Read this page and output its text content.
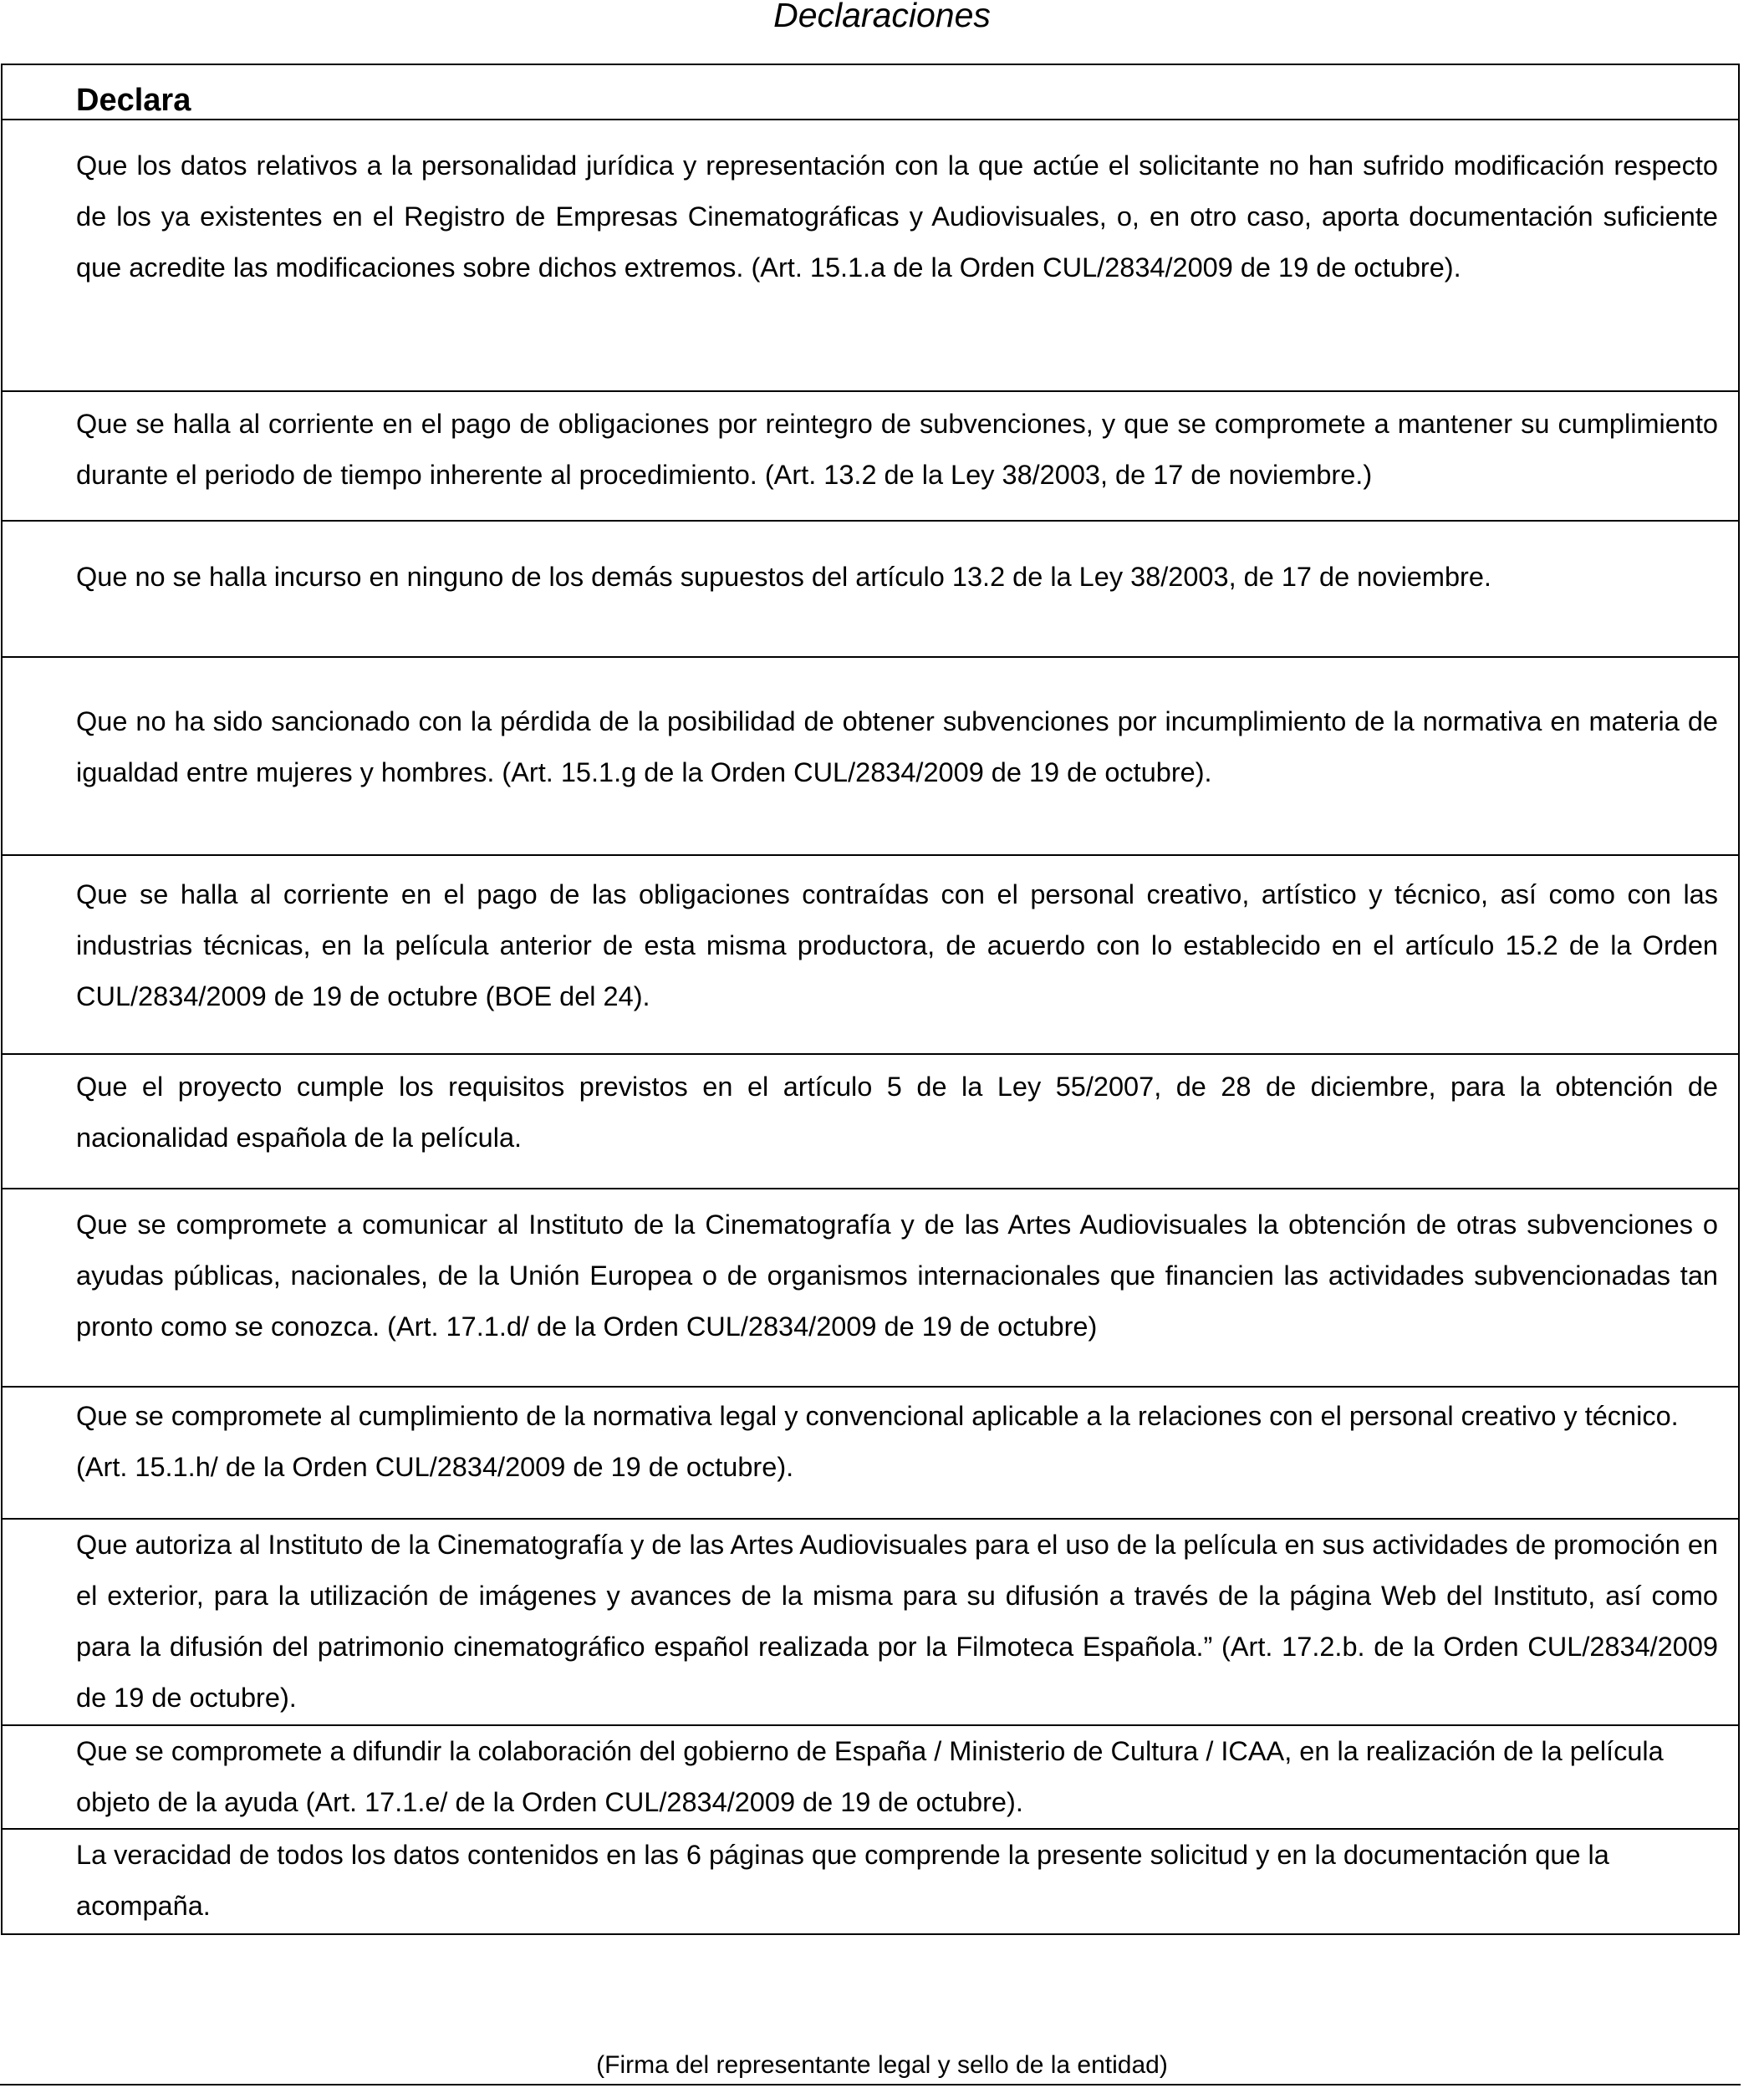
Declaraciones
Declara
Que los datos relativos a la personalidad jurídica y representación con la que actúe el solicitante no han sufrido modificación respecto de los ya existentes en el Registro de Empresas Cinematográficas y Audiovisuales, o, en otro caso, aporta documentación suficiente que acredite las modificaciones sobre dichos extremos. (Art. 15.1.a de la Orden CUL/2834/2009 de 19 de octubre).
Que se halla al corriente en el pago de obligaciones por reintegro de subvenciones, y que se compromete a mantener su cumplimiento durante el periodo de tiempo inherente al procedimiento. (Art. 13.2 de la Ley 38/2003, de 17 de noviembre.)
Que no se halla incurso en ninguno de los demás supuestos del artículo 13.2 de la Ley 38/2003, de 17 de noviembre.
Que no ha sido sancionado con la pérdida de la posibilidad de obtener subvenciones por incumplimiento de la normativa en materia de igualdad entre mujeres y hombres. (Art. 15.1.g de la Orden CUL/2834/2009 de 19 de octubre).
Que se halla al corriente en el pago de las obligaciones contraídas con el personal creativo, artístico y técnico, así como con las industrias técnicas, en la película anterior de esta misma productora, de acuerdo con lo establecido en el artículo 15.2 de la Orden CUL/2834/2009 de 19 de octubre (BOE del 24).
Que el proyecto cumple los requisitos previstos en el artículo 5 de la Ley 55/2007, de 28 de diciembre, para la obtención de nacionalidad española de la película.
Que se compromete a comunicar al Instituto de la Cinematografía y de las Artes Audiovisuales la obtención de otras subvenciones o ayudas públicas, nacionales, de la Unión Europea o de organismos internacionales que financien las actividades subvencionadas tan pronto como se conozca. (Art. 17.1.d/ de la Orden CUL/2834/2009 de 19 de octubre)
Que se compromete al cumplimiento de la normativa legal y convencional aplicable a la relaciones con el personal creativo y técnico. (Art. 15.1.h/ de la Orden CUL/2834/2009 de 19 de octubre).
Que autoriza al Instituto de la Cinematografía y de las Artes Audiovisuales para el uso de la película en sus actividades de promoción en el exterior, para la utilización de imágenes y avances de la misma para su difusión a través de la página Web del Instituto, así como para la difusión del patrimonio cinematográfico español realizada por la Filmoteca Española.” (Art. 17.2.b. de la Orden CUL/2834/2009 de 19 de octubre).
Que se compromete a difundir la colaboración del gobierno de España / Ministerio de Cultura / ICAA, en la realización de la película objeto de la ayuda (Art. 17.1.e/ de la Orden CUL/2834/2009 de 19 de octubre).
La veracidad de todos los datos contenidos en las 6 páginas que comprende la presente solicitud y en la documentación que la acompaña.
(Firma del representante legal y sello de la entidad)
